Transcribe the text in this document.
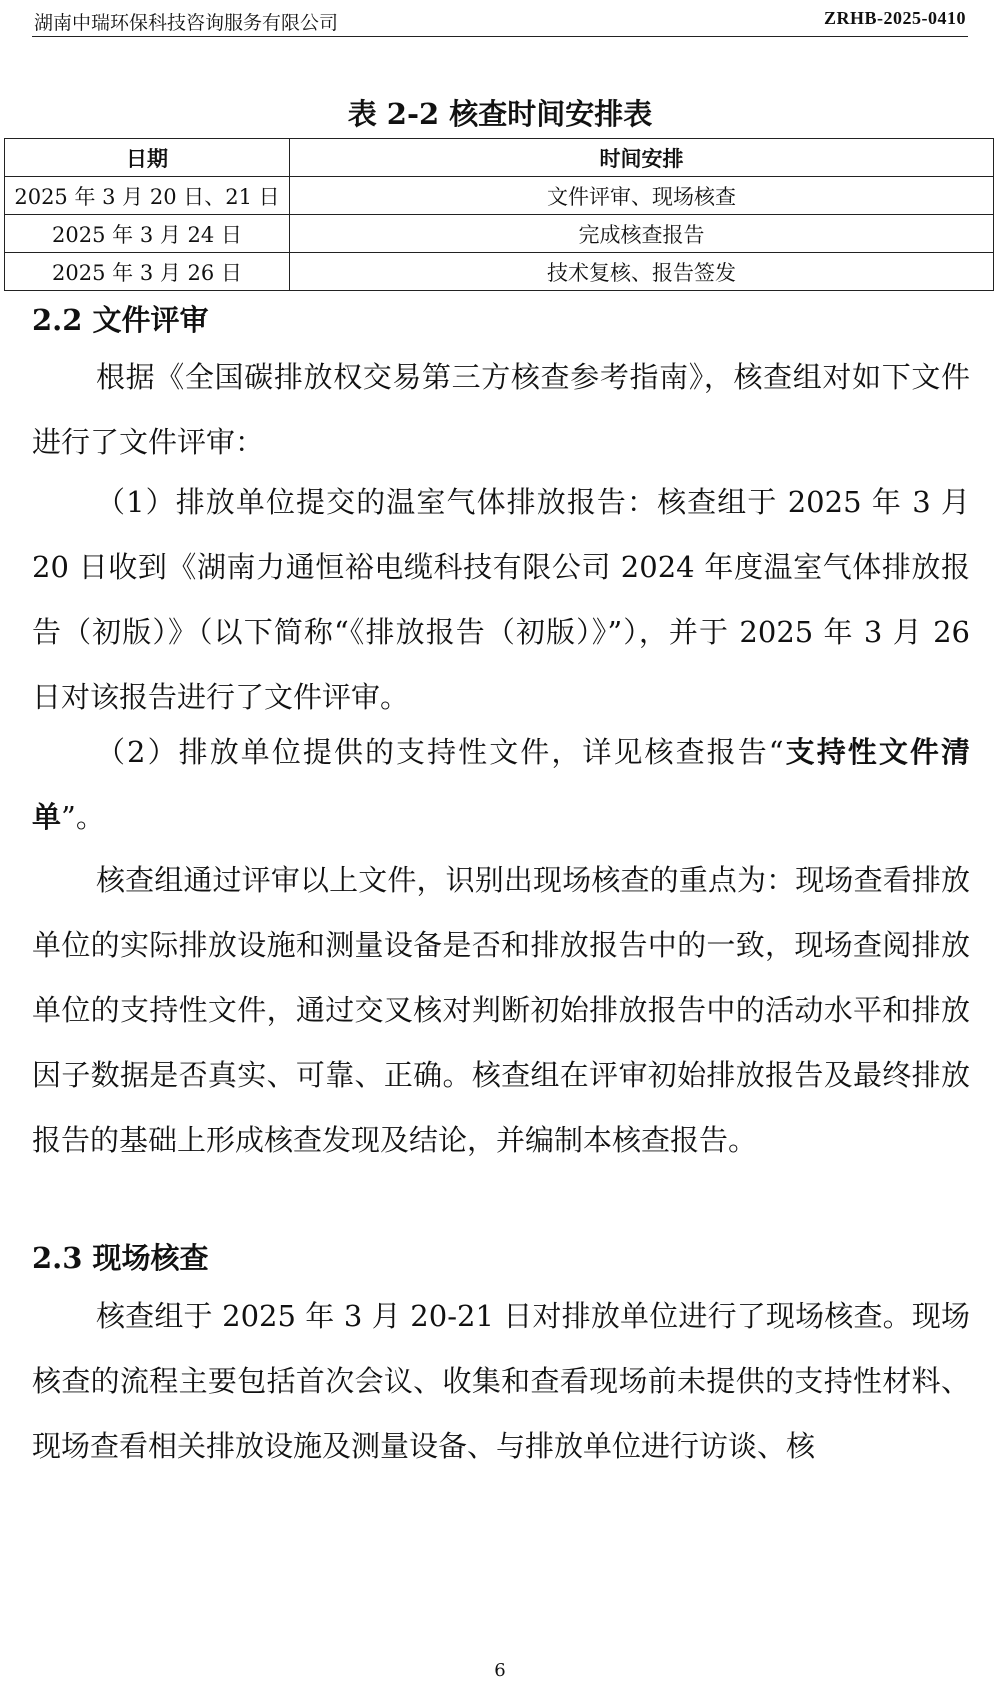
湖南中瑞环保科技咨询服务有限公司	ZRHB-2025-0410
表 2-2 核查时间安排表
日期	时间安排
2025 年 3 月 20 日、21 日	文件评审、现场核查
2025 年 3 月 24 日	完成核查报告
2025 年 3 月 26 日	技术复核、报告签发
2.2 文件评审

根据《全国碳排放权交易第三方核查参考指南》，核查组对如下文件进行了文件评审：

（1）排放单位提交的温室气体排放报告：核查组于 2025 年 3 月 20 日收到《湖南力通恒裕电缆科技有限公司 2024 年度温室气体排放报告（初版）》（以下简称“《排放报告（初版）》”），并于 2025 年 3 月 26 日对该报告进行了文件评审。

（2）排放单位提供的支持性文件，详见核查报告“支持性文件清单”。

核查组通过评审以上文件，识别出现场核查的重点为：现场查看排放单位的实际排放设施和测量设备是否和排放报告中的一致，现场查阅排放单位的支持性文件，通过交叉核对判断初始排放报告中的活动水平和排放因子数据是否真实、可靠、正确。核查组在评审初始排放报告及最终排放报告的基础上形成核查发现及结论，并编制本核查报告。

2.3 现场核查

核查组于 2025 年 3 月 20-21 日对排放单位进行了现场核查。现场核查的流程主要包括首次会议、收集和查看现场前未提供的支持性材料、现场查看相关排放设施及测量设备、与排放单位进行访谈、核

6
